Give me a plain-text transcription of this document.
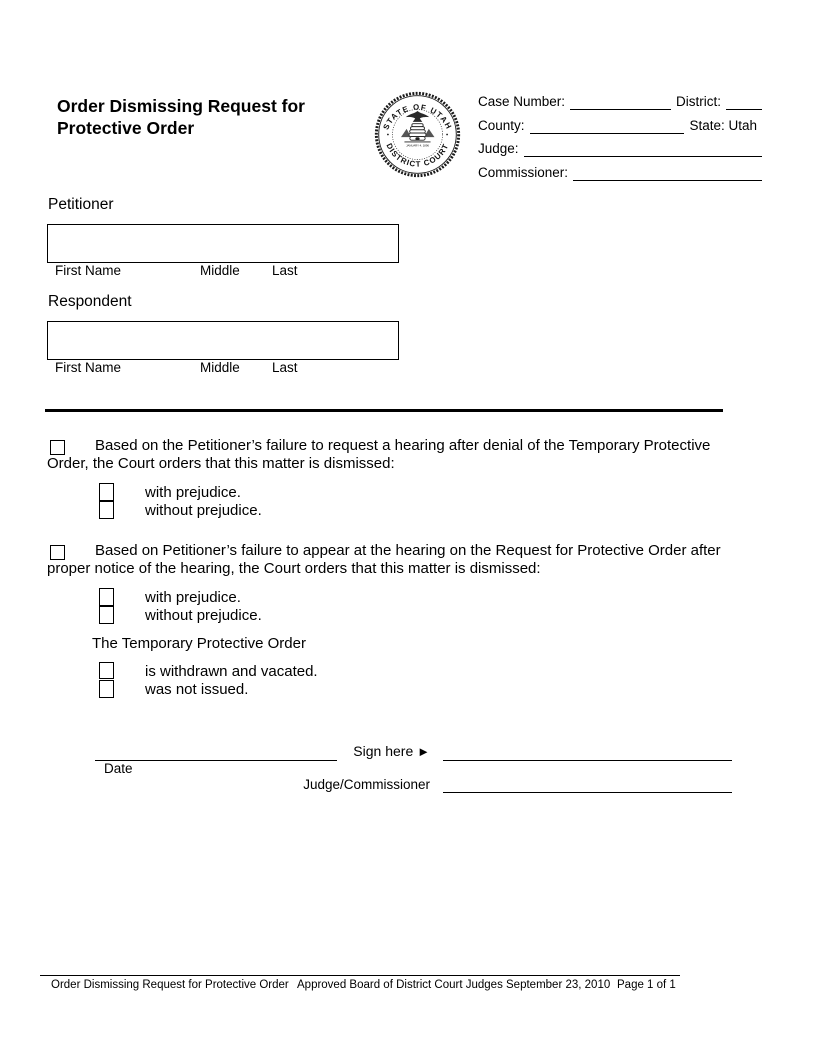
Order Dismissing Request for
Protective Order	STATE OF UTAH
DISTRICT COURT
JANUARY 4, 1896
Case Number:	District:
County:	State: Utah
Judge:
Commissioner:
Petitioner
First Name	Middle Last
Respondent
First Name	Middle Last

Based on the Petitioner’s failure to request a hearing after denial of the Temporary Protective Order, the Court orders that this matter is dismissed:

with prejudice.
without prejudice.

Based on Petitioner’s failure to appear at the hearing on the Request for Protective Order after proper notice of the hearing, the Court orders that this matter is dismissed:

with prejudice.
without prejudice.
The Temporary Protective Order
is withdrawn and vacated.
was not issued.
Date
Sign here ►
Judge/Commissioner
Order Dismissing Request for Protective Order Approved Board of District Court Judges September 23, 2010 Page 1 of 1
